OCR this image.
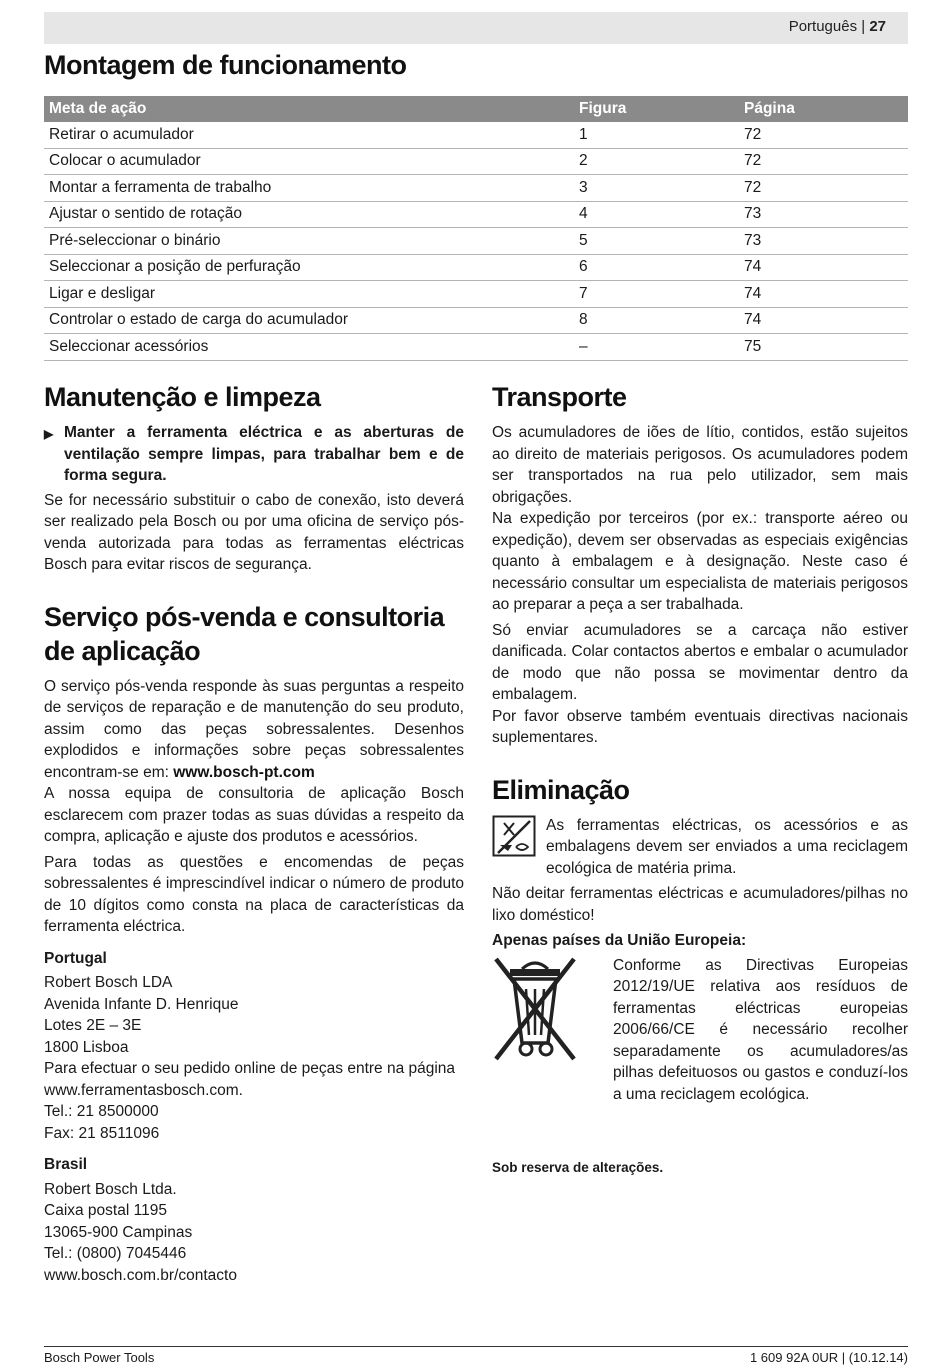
Português | 27
Montagem de funcionamento
Meta de ação	Figura	Página
Retirar o acumulador	1	72
Colocar o acumulador	2	72
Montar a ferramenta de trabalho	3	72
Ajustar o sentido de rotação	4	73
Pré-seleccionar o binário	5	73
Seleccionar a posição de perfuração	6	74
Ligar e desligar	7	74
Controlar o estado de carga do acumulador	8	74
Seleccionar acessórios	–	75
Manutenção e limpeza
▶ Manter a ferramenta eléctrica e as aberturas de ventilação sempre limpas, para trabalhar bem e de forma segura.

Se for necessário substituir o cabo de conexão, isto deverá ser realizado pela Bosch ou por uma oficina de serviço pós-venda autorizada para todas as ferramentas eléctricas Bosch para evitar riscos de segurança.

Serviço pós-venda e consultoria de aplicação

O serviço pós-venda responde às suas perguntas a respeito de serviços de reparação e de manutenção do seu produto, assim como das peças sobressalentes. Desenhos explodidos e informações sobre peças sobressalentes encontram-se em: www.bosch-pt.com

A nossa equipa de consultoria de aplicação Bosch esclarecem com prazer todas as suas dúvidas a respeito da compra, aplicação e ajuste dos produtos e acessórios.

Para todas as questões e encomendas de peças sobressalentes é imprescindível indicar o número de produto de 10 dígitos como consta na placa de características da ferramenta eléctrica.

Portugal

Robert Bosch LDA

Avenida Infante D. Henrique

Lotes 2E – 3E

1800 Lisboa

Para efectuar o seu pedido online de peças entre na página www.ferramentasbosch.com.

Tel.: 21 8500000

Fax: 21 8511096

Brasil

Robert Bosch Ltda.

Caixa postal 1195

13065-900 Campinas

Tel.: (0800) 7045446

www.bosch.com.br/contacto

Transporte

Os acumuladores de iões de lítio, contidos, estão sujeitos ao direito de materiais perigosos. Os acumuladores podem ser transportados na rua pelo utilizador, sem mais obrigações.

Na expedição por terceiros (por ex.: transporte aéreo ou expedição), devem ser observadas as especiais exigências quanto à embalagem e à designação. Neste caso é necessário consultar um especialista de materiais perigosos ao preparar a peça a ser trabalhada.

Só enviar acumuladores se a carcaça não estiver danificada. Colar contactos abertos e embalar o acumulador de modo que não possa se movimentar dentro da embalagem.

Por favor observe também eventuais directivas nacionais suplementares.

Eliminação

As ferramentas eléctricas, os acessórios e as embalagens devem ser enviados a uma reciclagem ecológica de matéria prima.

Não deitar ferramentas eléctricas e acumuladores/pilhas no lixo doméstico!

Apenas países da União Europeia:

Conforme as Directivas Europeias 2012/19/UE relativa aos resíduos de ferramentas eléctricas europeias 2006/66/CE é necessário recolher separadamente os acumuladores/as pilhas defeituosos ou gastos e conduzí-los a uma reciclagem ecológica.

Sob reserva de alterações.

Bosch Power Tools	1 609 92A 0UR | (10.12.14)
